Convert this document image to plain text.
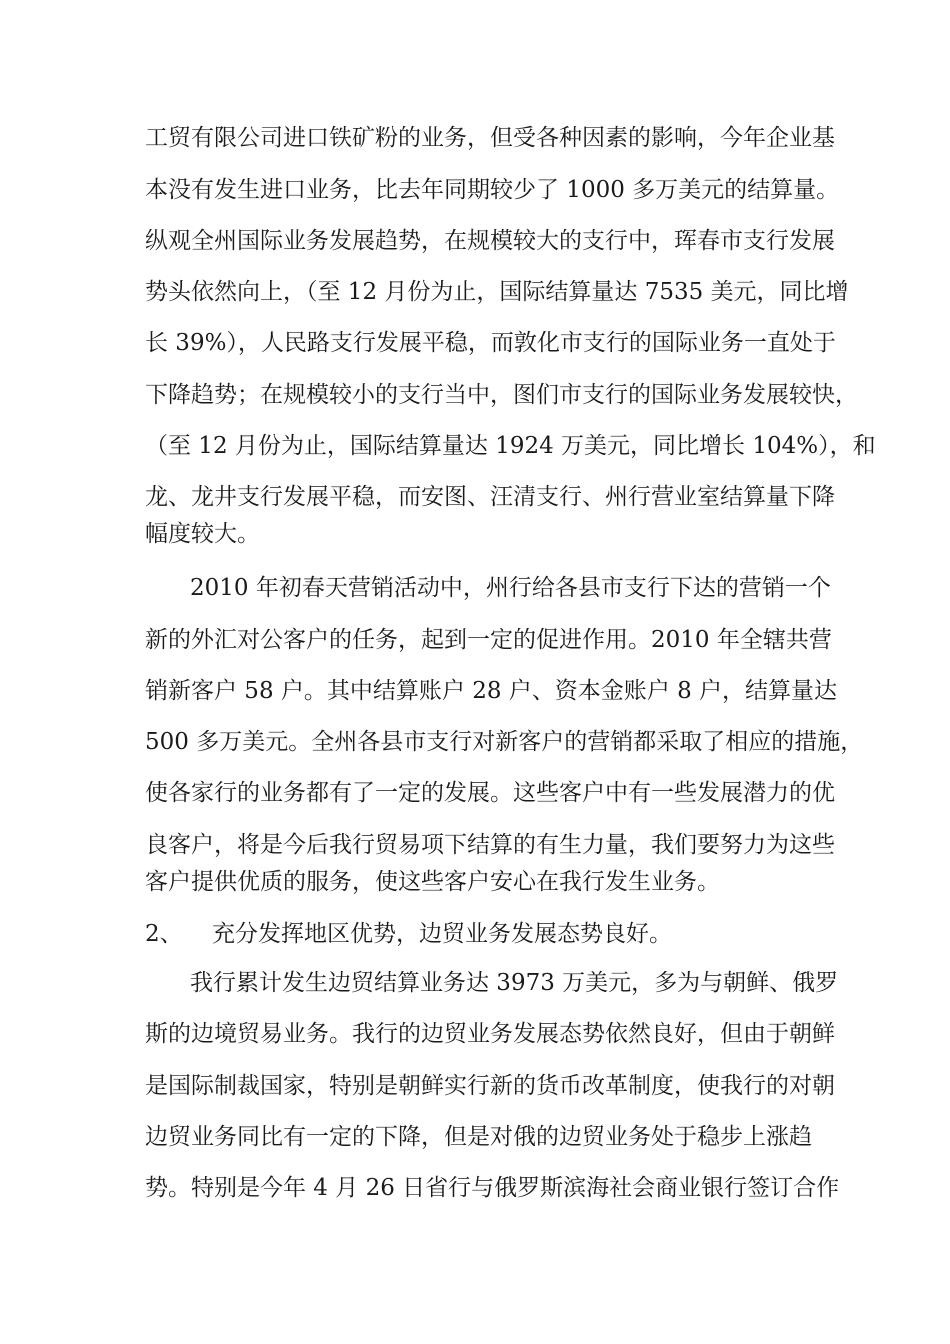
工贸有限公司进口铁矿粉的业务，但受各种因素的影响，今年企业基
本没有发生进口业务，比去年同期较少了 1000 多万美元的结算量。
纵观全州国际业务发展趋势，在规模较大的支行中，珲春市支行发展
势头依然向上，（至 12 月份为止，国际结算量达 7535 美元，同比增
长 39%），人民路支行发展平稳，而敦化市支行的国际业务一直处于
下降趋势；在规模较小的支行当中，图们市支行的国际业务发展较快，
（至 12 月份为止，国际结算量达 1924 万美元，同比增长 104%），和
龙、龙井支行发展平稳，而安图、汪清支行、州行营业室结算量下降
幅度较大。
2010 年初春天营销活动中，州行给各县市支行下达的营销一个
新的外汇对公客户的任务，起到一定的促进作用。2010 年全辖共营
销新客户 58 户。其中结算账户 28 户、资本金账户 8 户，结算量达
500 多万美元。全州各县市支行对新客户的营销都采取了相应的措施，
使各家行的业务都有了一定的发展。这些客户中有一些发展潜力的优
良客户，将是今后我行贸易项下结算的有生力量，我们要努力为这些
客户提供优质的服务，使这些客户安心在我行发生业务。
2、 充分发挥地区优势，边贸业务发展态势良好。
我行累计发生边贸结算业务达 3973 万美元，多为与朝鲜、俄罗
斯的边境贸易业务。我行的边贸业务发展态势依然良好，但由于朝鲜
是国际制裁国家，特别是朝鲜实行新的货币改革制度，使我行的对朝
边贸业务同比有一定的下降，但是对俄的边贸业务处于稳步上涨趋
势。特别是今年 4 月 26 日省行与俄罗斯滨海社会商业银行签订合作
